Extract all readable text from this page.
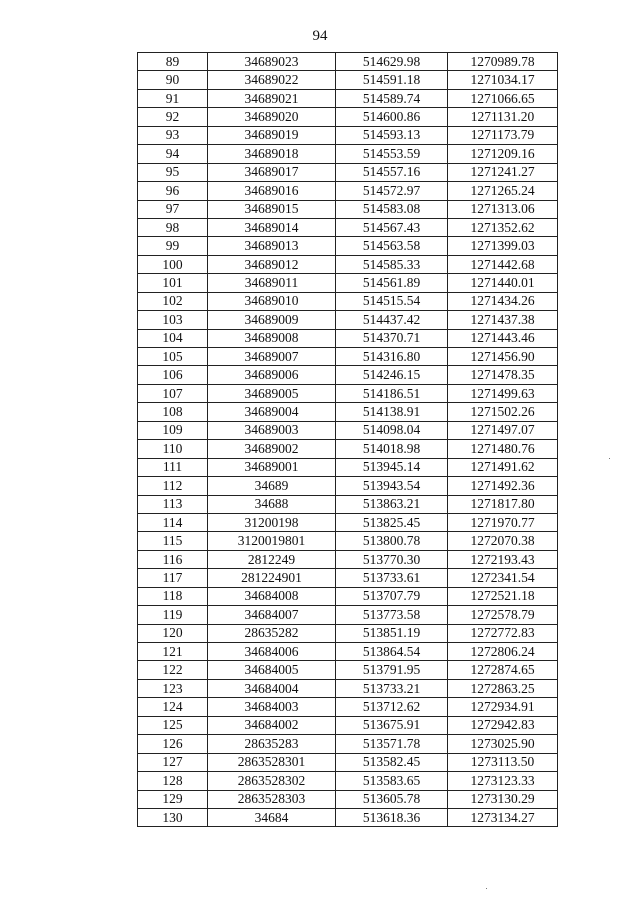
94
89	34689023	514629.98	1270989.78
90	34689022	514591.18	1271034.17
91	34689021	514589.74	1271066.65
92	34689020	514600.86	1271131.20
93	34689019	514593.13	1271173.79
94	34689018	514553.59	1271209.16
95	34689017	514557.16	1271241.27
96	34689016	514572.97	1271265.24
97	34689015	514583.08	1271313.06
98	34689014	514567.43	1271352.62
99	34689013	514563.58	1271399.03
100	34689012	514585.33	1271442.68
101	34689011	514561.89	1271440.01
102	34689010	514515.54	1271434.26
103	34689009	514437.42	1271437.38
104	34689008	514370.71	1271443.46
105	34689007	514316.80	1271456.90
106	34689006	514246.15	1271478.35
107	34689005	514186.51	1271499.63
108	34689004	514138.91	1271502.26
109	34689003	514098.04	1271497.07
110	34689002	514018.98	1271480.76
111	34689001	513945.14	1271491.62
112	34689	513943.54	1271492.36
113	34688	513863.21	1271817.80
114	31200198	513825.45	1271970.77
115	3120019801	513800.78	1272070.38
116	2812249	513770.30	1272193.43
117	281224901	513733.61	1272341.54
118	34684008	513707.79	1272521.18
119	34684007	513773.58	1272578.79
120	28635282	513851.19	1272772.83
121	34684006	513864.54	1272806.24
122	34684005	513791.95	1272874.65
123	34684004	513733.21	1272863.25
124	34684003	513712.62	1272934.91
125	34684002	513675.91	1272942.83
126	28635283	513571.78	1273025.90
127	2863528301	513582.45	1273113.50
128	2863528302	513583.65	1273123.33
129	2863528303	513605.78	1273130.29
130	34684	513618.36	1273134.27
